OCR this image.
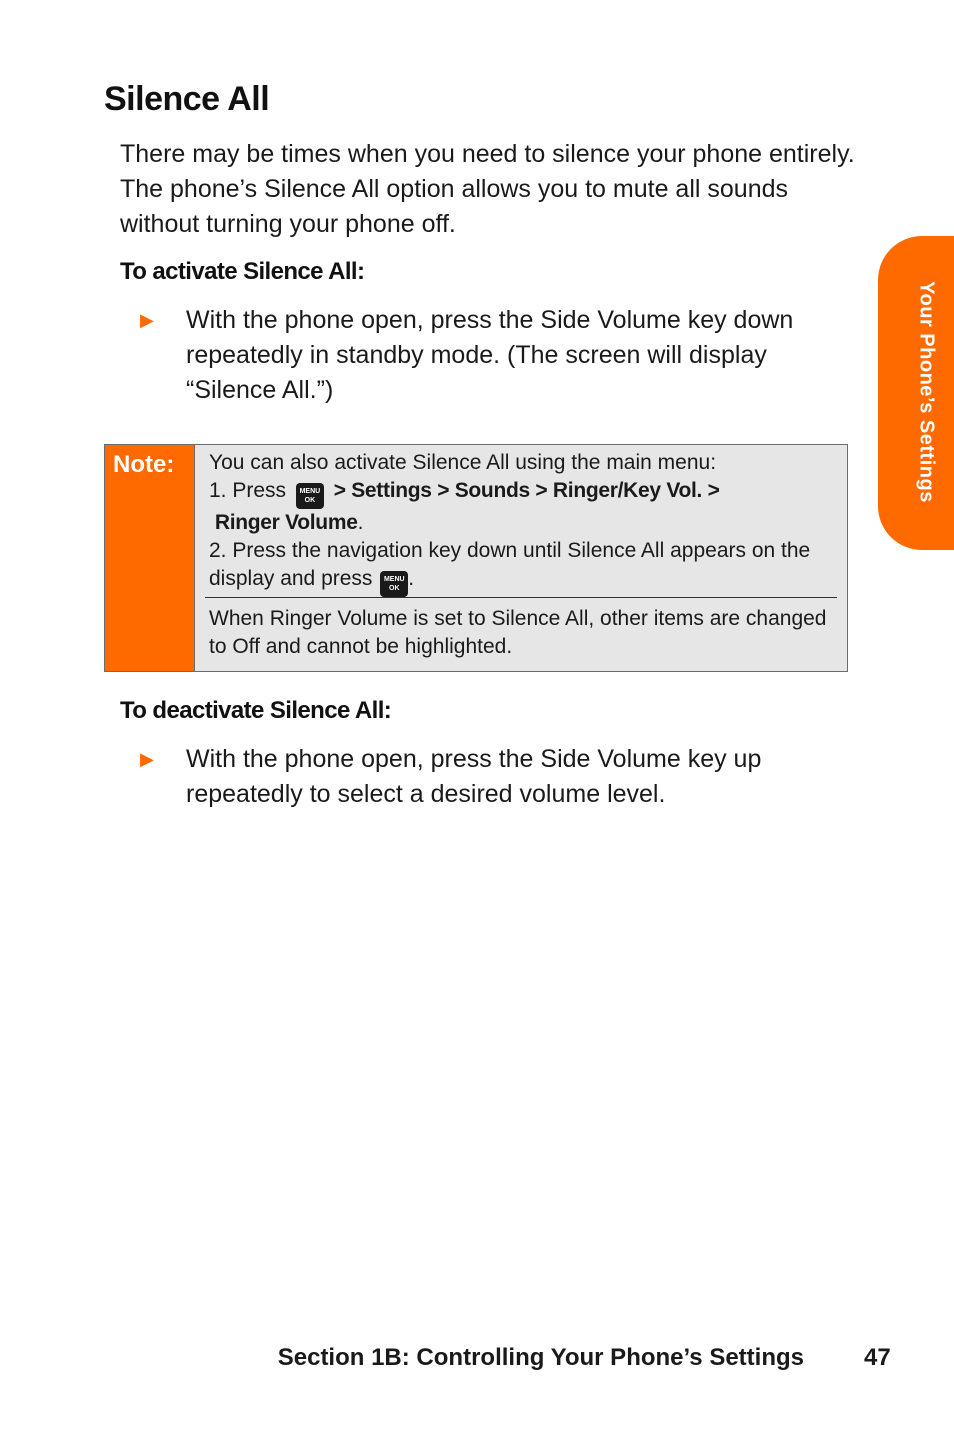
Silence All

There may be times when you need to silence your phone entirely. The phone’s Silence All option allows you to mute all sounds without turning your phone off.

To activate Silence All:
▶ With the phone open, press the Side Volume key down repeatedly in standby mode. (The screen will display “Silence All.”)
Note: You can also activate Silence All using the main menu:
1. Press	MENU
OK > Settings > Sounds > Ringer/Key Vol. >
Ringer Volume.
2. Press the navigation key down until Silence All appears on the display and press	MENU
OK .
When Ringer Volume is set to Silence All, other items are changed to Off and cannot be highlighted.
To deactivate Silence All:
▶ With the phone open, press the Side Volume key up repeatedly to select a desired volume level.
Your Phone’s Settings
Section 1B: Controlling Your Phone’s Settings	47
